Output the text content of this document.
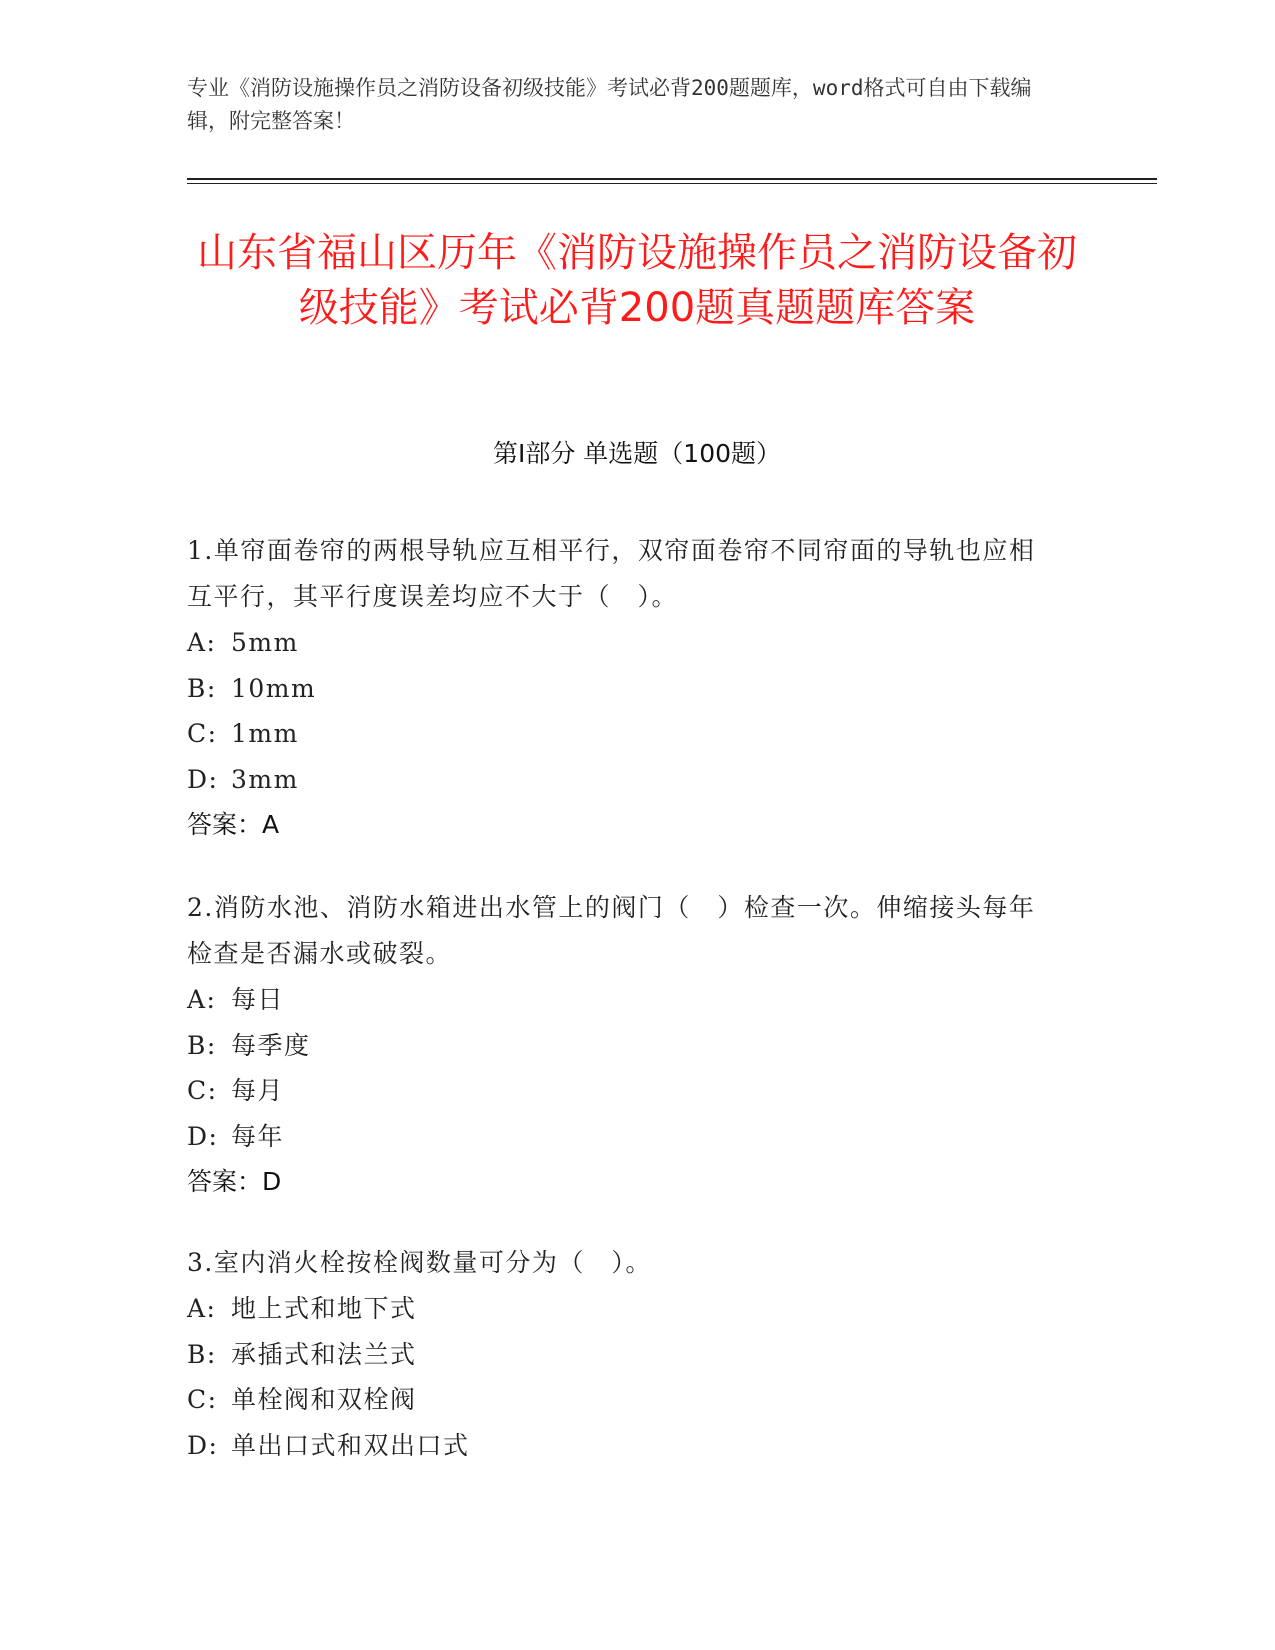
专业《消防设施操作员之消防设备初级技能》考试必背200题题库，word格式可自由下载编辑，附完整答案！
山东省福山区历年《消防设施操作员之消防设备初级技能》考试必背200题真题题库答案
第Ⅰ部分 单选题（100题）
1.单帘面卷帘的两根导轨应互相平行，双帘面卷帘不同帘面的导轨也应相互平行，其平行度误差均应不大于（　）。
A: 5mm
B: 10mm
C: 1mm
D: 3mm
答案：A
2.消防水池、消防水箱进出水管上的阀门（　）检查一次。伸缩接头每年检查是否漏水或破裂。
A: 每日
B: 每季度
C: 每月
D: 每年
答案：D
3.室内消火栓按栓阀数量可分为（　）。
A: 地上式和地下式
B: 承插式和法兰式
C: 单栓阀和双栓阀
D: 单出口式和双出口式
